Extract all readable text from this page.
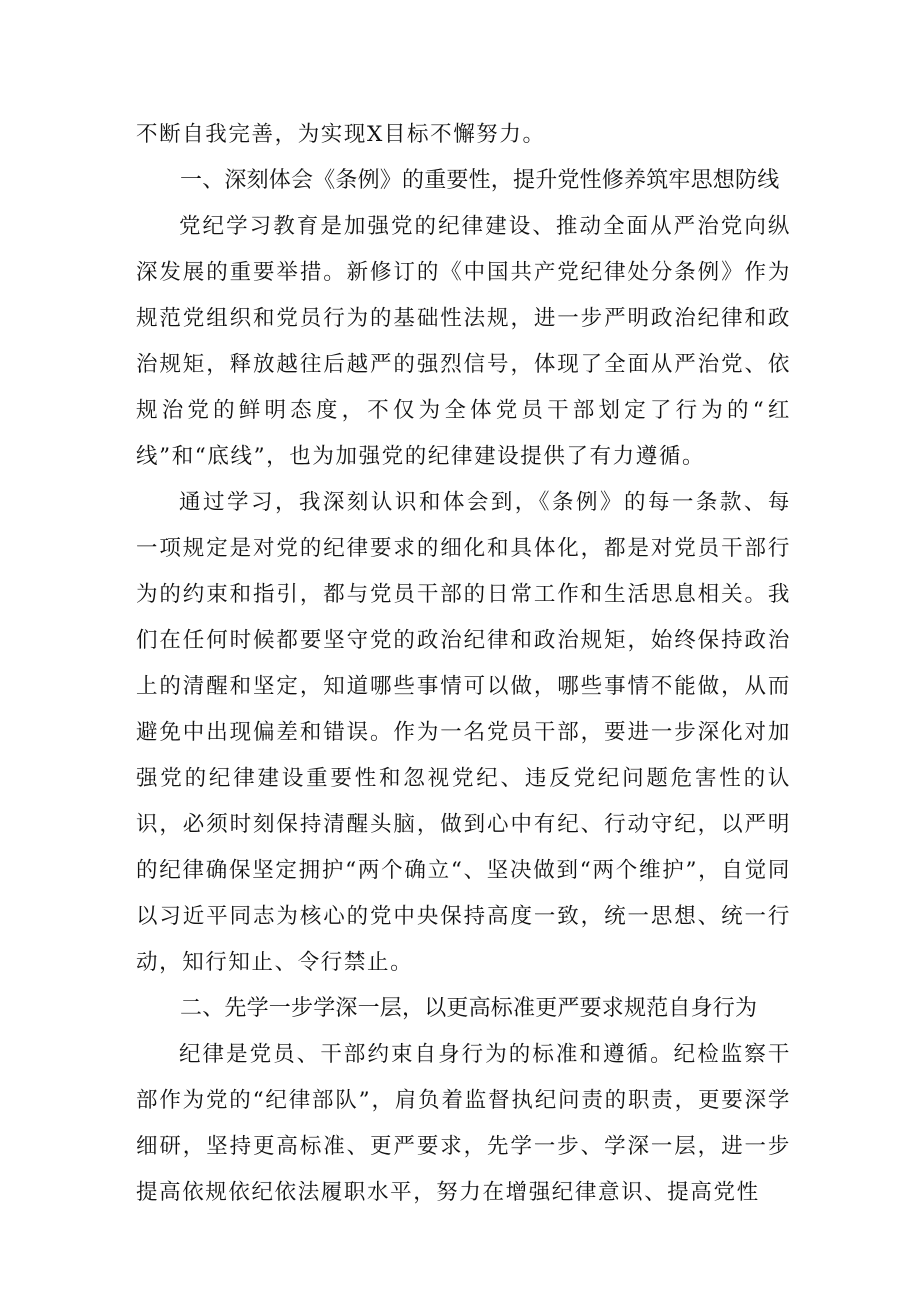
不断自我完善，为实现X目标不懈努力。

一、深刻体会《条例》的重要性，提升党性修养筑牢思想防线

党纪学习教育是加强党的纪律建设、推动全面从严治党向纵深发展的重要举措。新修订的《中国共产党纪律处分条例》作为规范党组织和党员行为的基础性法规，进一步严明政治纪律和政治规矩，释放越往后越严的强烈信号，体现了全面从严治党、依规治党的鲜明态度，不仅为全体党员干部划定了行为的“红线”和“底线”，也为加强党的纪律建设提供了有力遵循。

通过学习，我深刻认识和体会到，《条例》的每一条款、每一项规定是对党的纪律要求的细化和具体化，都是对党员干部行为的约束和指引，都与党员干部的日常工作和生活思息相关。我们在任何时候都要坚守党的政治纪律和政治规矩，始终保持政治上的清醒和坚定，知道哪些事情可以做，哪些事情不能做，从而避免中出现偏差和错误。作为一名党员干部，要进一步深化对加强党的纪律建设重要性和忽视党纪、违反党纪问题危害性的认识，必须时刻保持清醒头脑，做到心中有纪、行动守纪，以严明的纪律确保坚定拥护“两个确立“、坚决做到“两个维护”，自觉同以习近平同志为核心的党中央保持高度一致，统一思想、统一行动，知行知止、令行禁止。

二、先学一步学深一层，以更高标准更严要求规范自身行为

纪律是党员、干部约束自身行为的标准和遵循。纪检监察干部作为党的“纪律部队”，肩负着监督执纪问责的职责，更要深学细研，坚持更高标准、更严要求，先学一步、学深一层，进一步提高依规依纪依法履职水平，努力在增强纪律意识、提高党性
